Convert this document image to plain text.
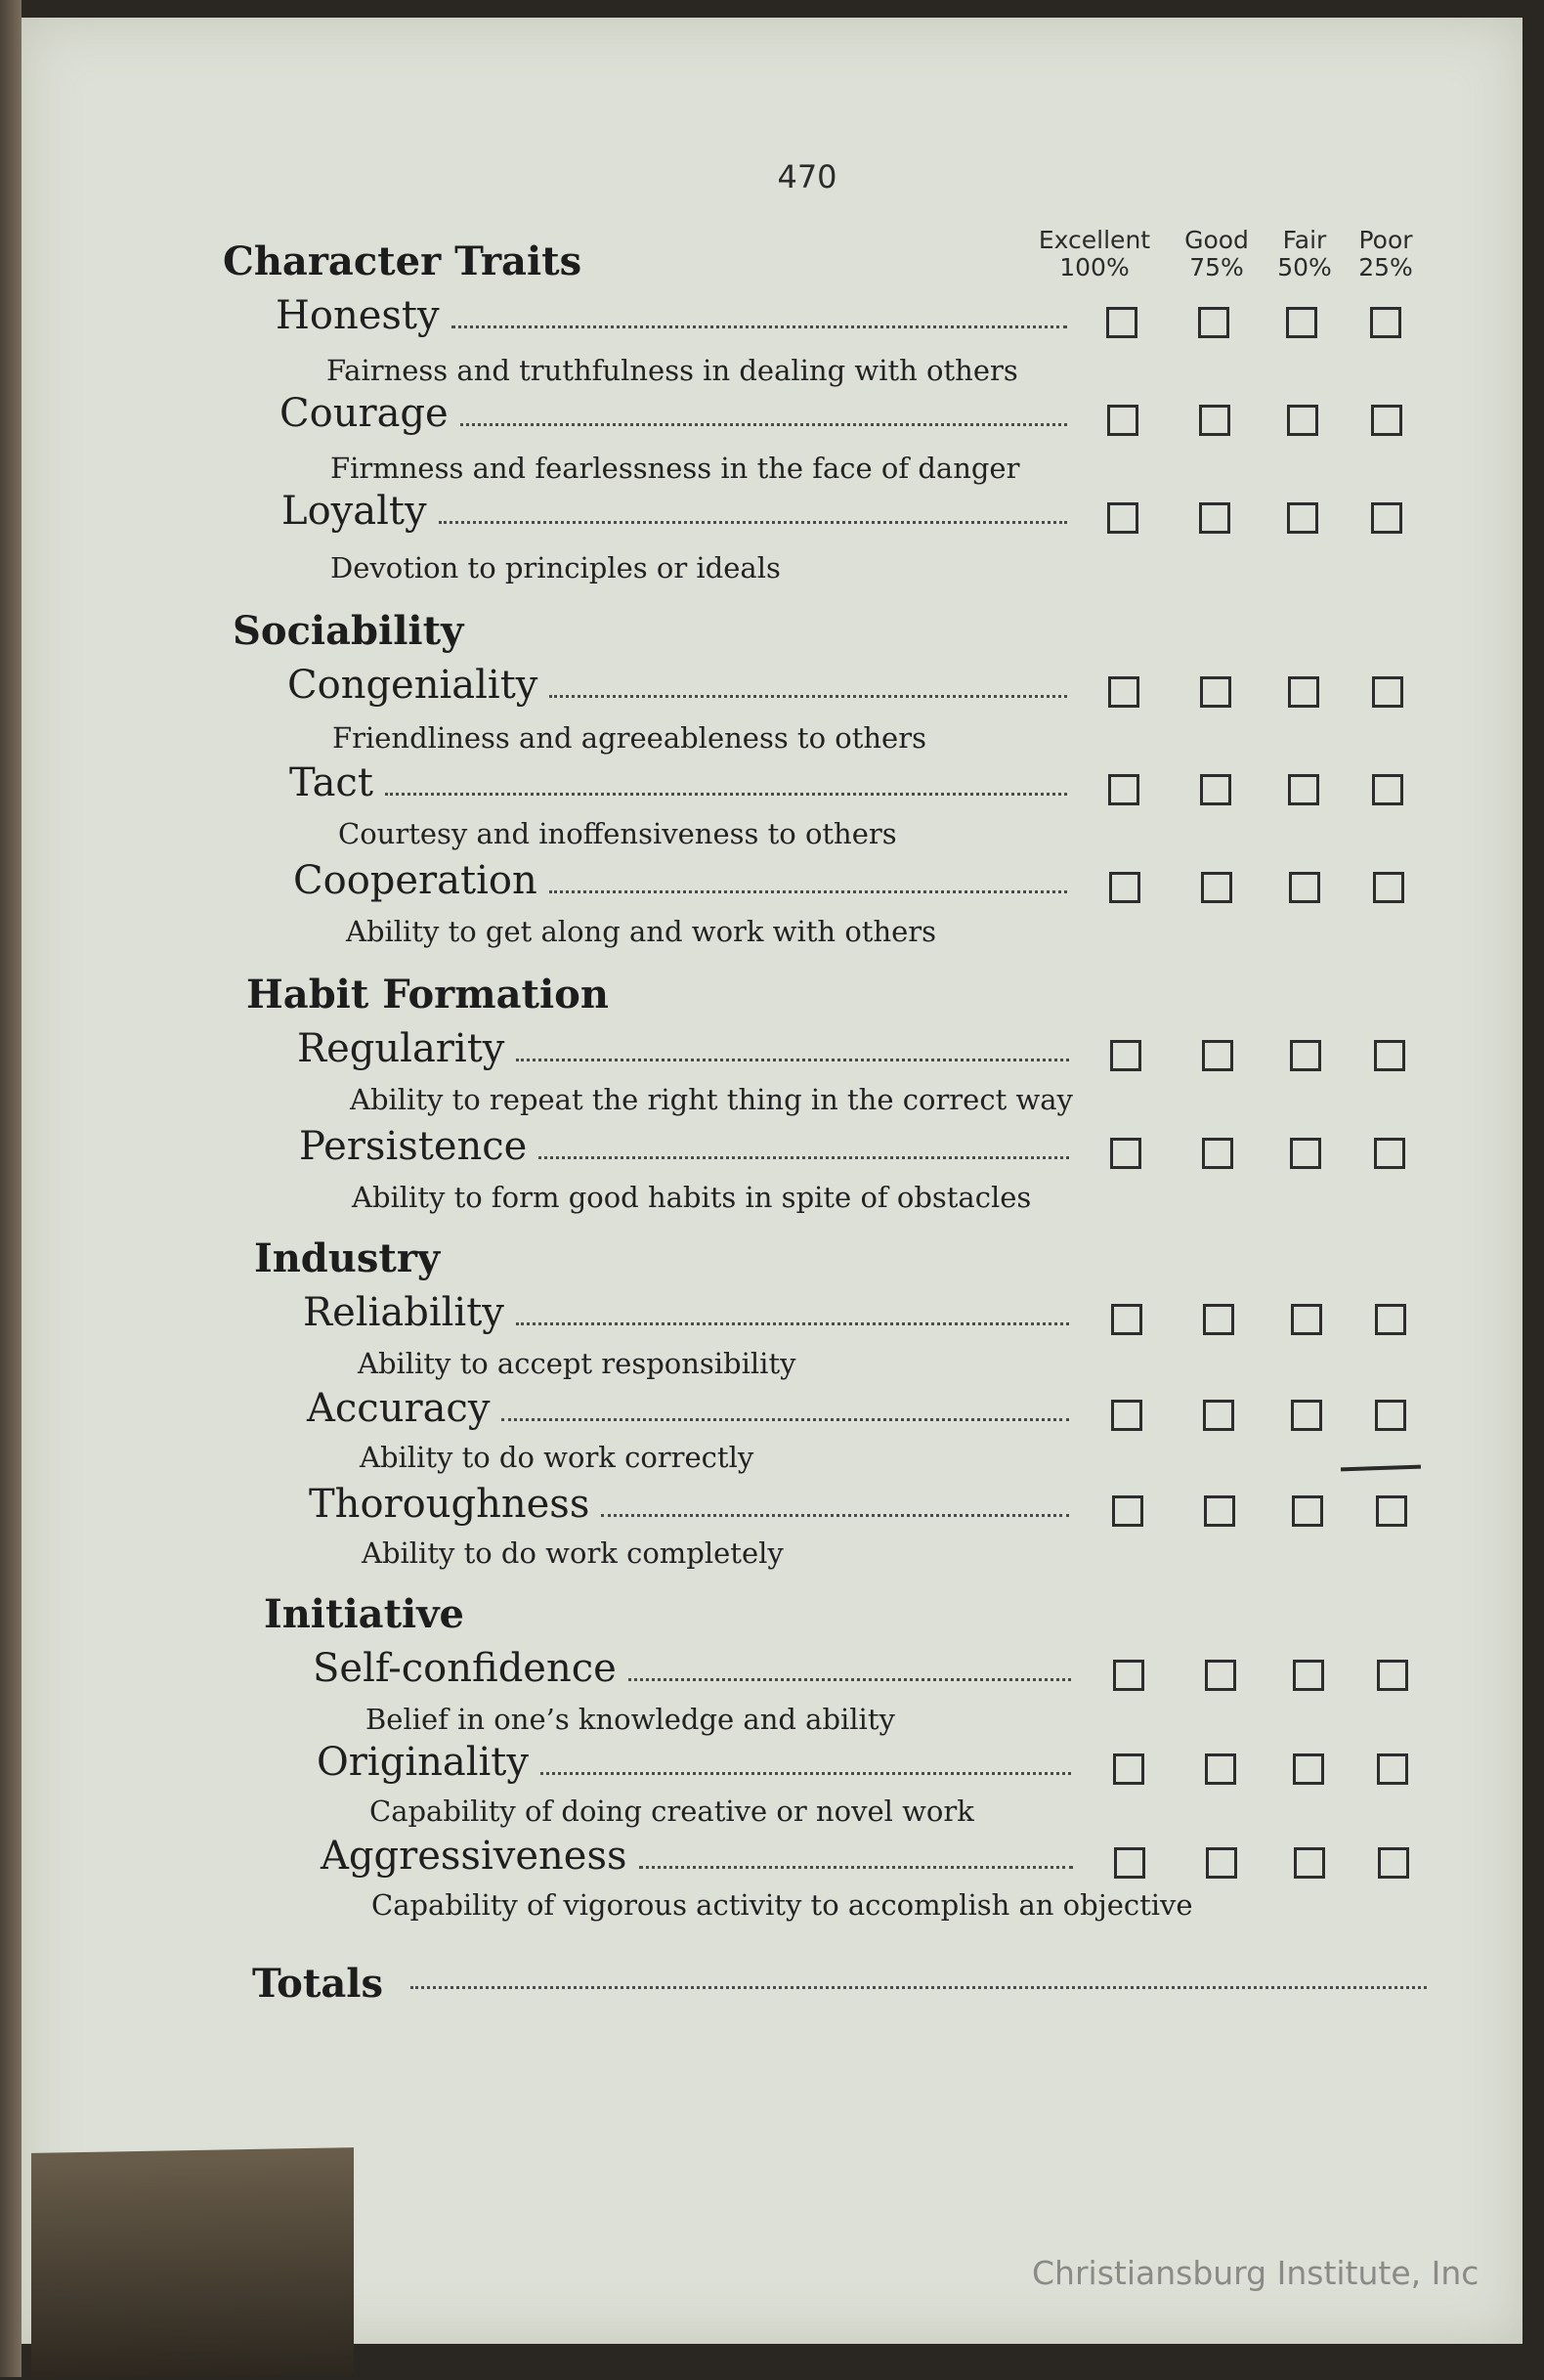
470
Excellent
100%
Good
75%
Fair
50%
Poor
25%
Character Traits
Honesty
Fairness and truthfulness in dealing with others
Courage
Firmness and fearlessness in the face of danger
Loyalty
Devotion to principles or ideals
Sociability
Congeniality
Friendliness and agreeableness to others
Tact
Courtesy and inoffensiveness to others
Cooperation
Ability to get along and work with others
Habit Formation
Regularity
Ability to repeat the right thing in the correct way
Persistence
Ability to form good habits in spite of obstacles
Industry
Reliability
Ability to accept responsibility
Accuracy
Ability to do work correctly
Thoroughness
Ability to do work completely
Initiative
Self-confidence
Belief in one’s knowledge and ability
Originality
Capability of doing creative or novel work
Aggressiveness
Capability of vigorous activity to accomplish an objective
Totals
Christiansburg Institute, Inc
